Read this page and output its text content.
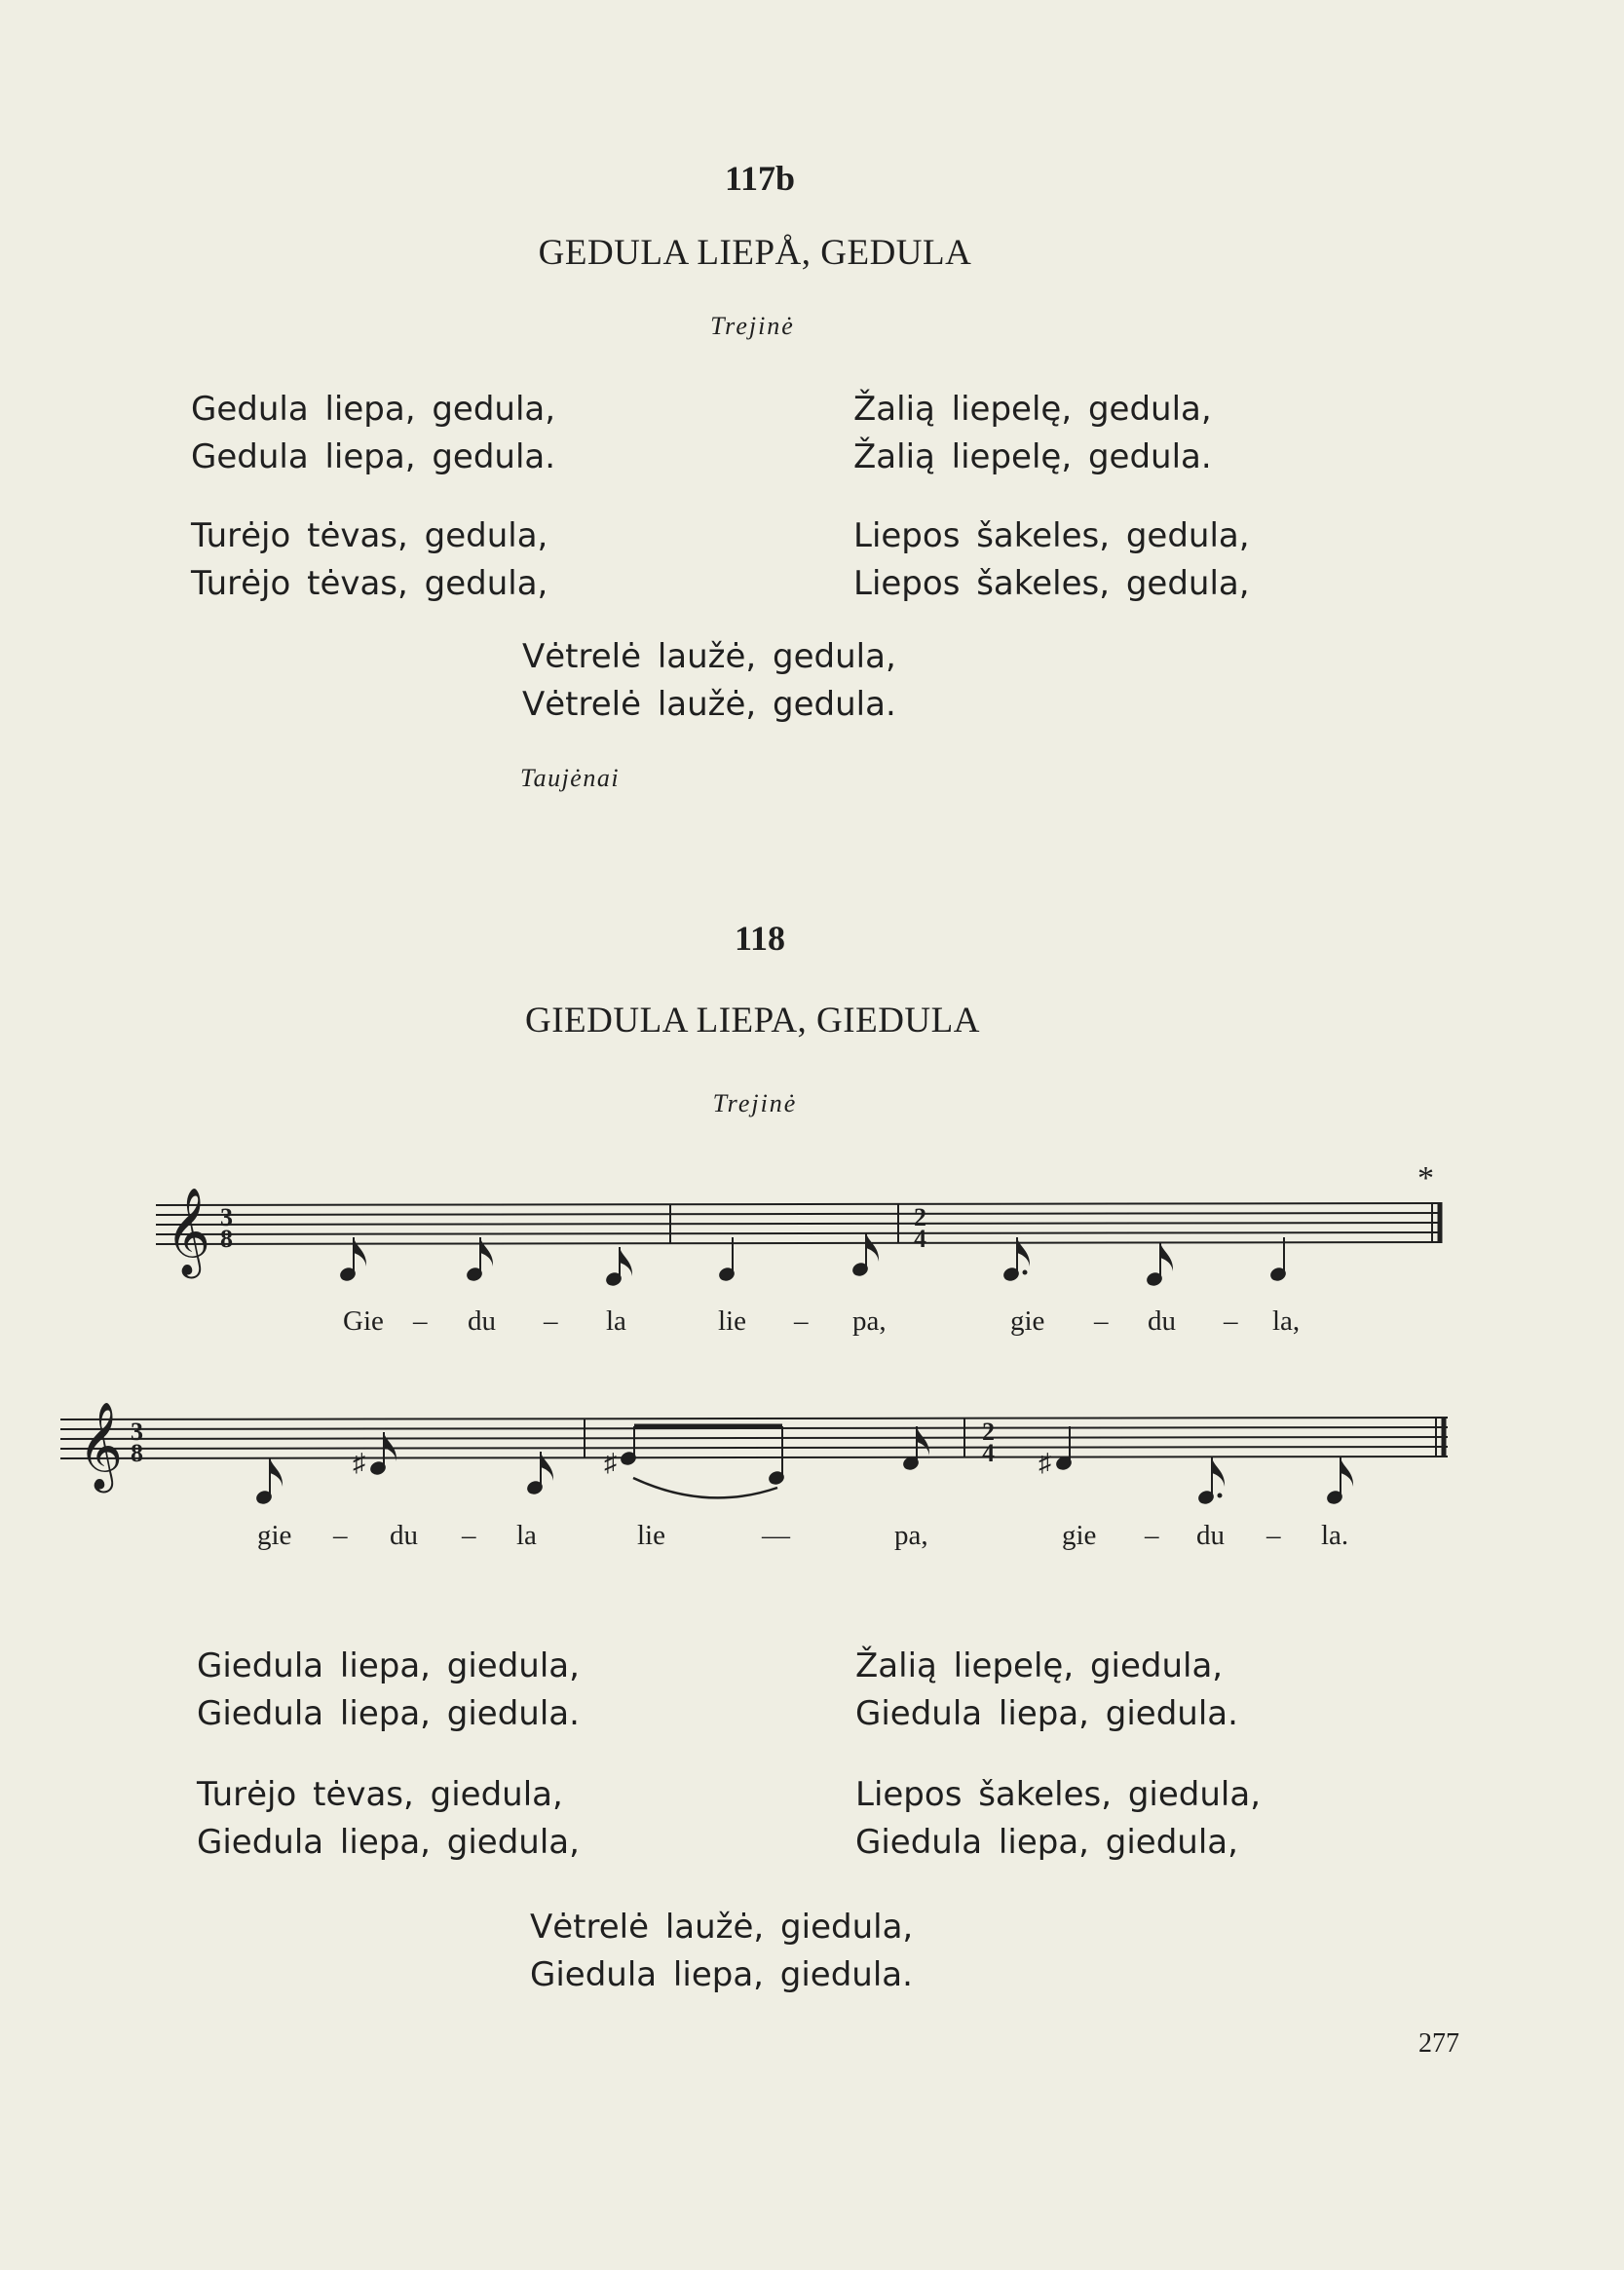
117b
GEDULA LIEPÅ, GEDULA
Trejinė
Gedula liepa, gedula,
Gedula liepa, gedula.
Turėjo tėvas, gedula,
Turėjo tėvas, gedula,
Žalią liepelę, gedula,
Žalią liepelę, gedula.
Liepos šakeles, gedula,
Liepos šakeles, gedula,
Vėtrelė laužė, gedula,
Vėtrelė laužė, gedula.
Taujėnai
118
GIEDULA LIEPA, GIEDULA
Trejinė
𝄞 3
8
2
4
*
𝄞 3
8
2
4
♯	♯	♯
Gie – du – la	lie – pa,	gie – du – la,
gie – du – la	lie	—	pa,	gie – du – la.
Giedula liepa, giedula,
Giedula liepa, giedula.
Turėjo tėvas, giedula,
Giedula liepa, giedula,
Žalią liepelę, giedula,
Giedula liepa, giedula.
Liepos šakeles, giedula,
Giedula liepa, giedula,
Vėtrelė laužė, giedula,
Giedula liepa, giedula.
277
